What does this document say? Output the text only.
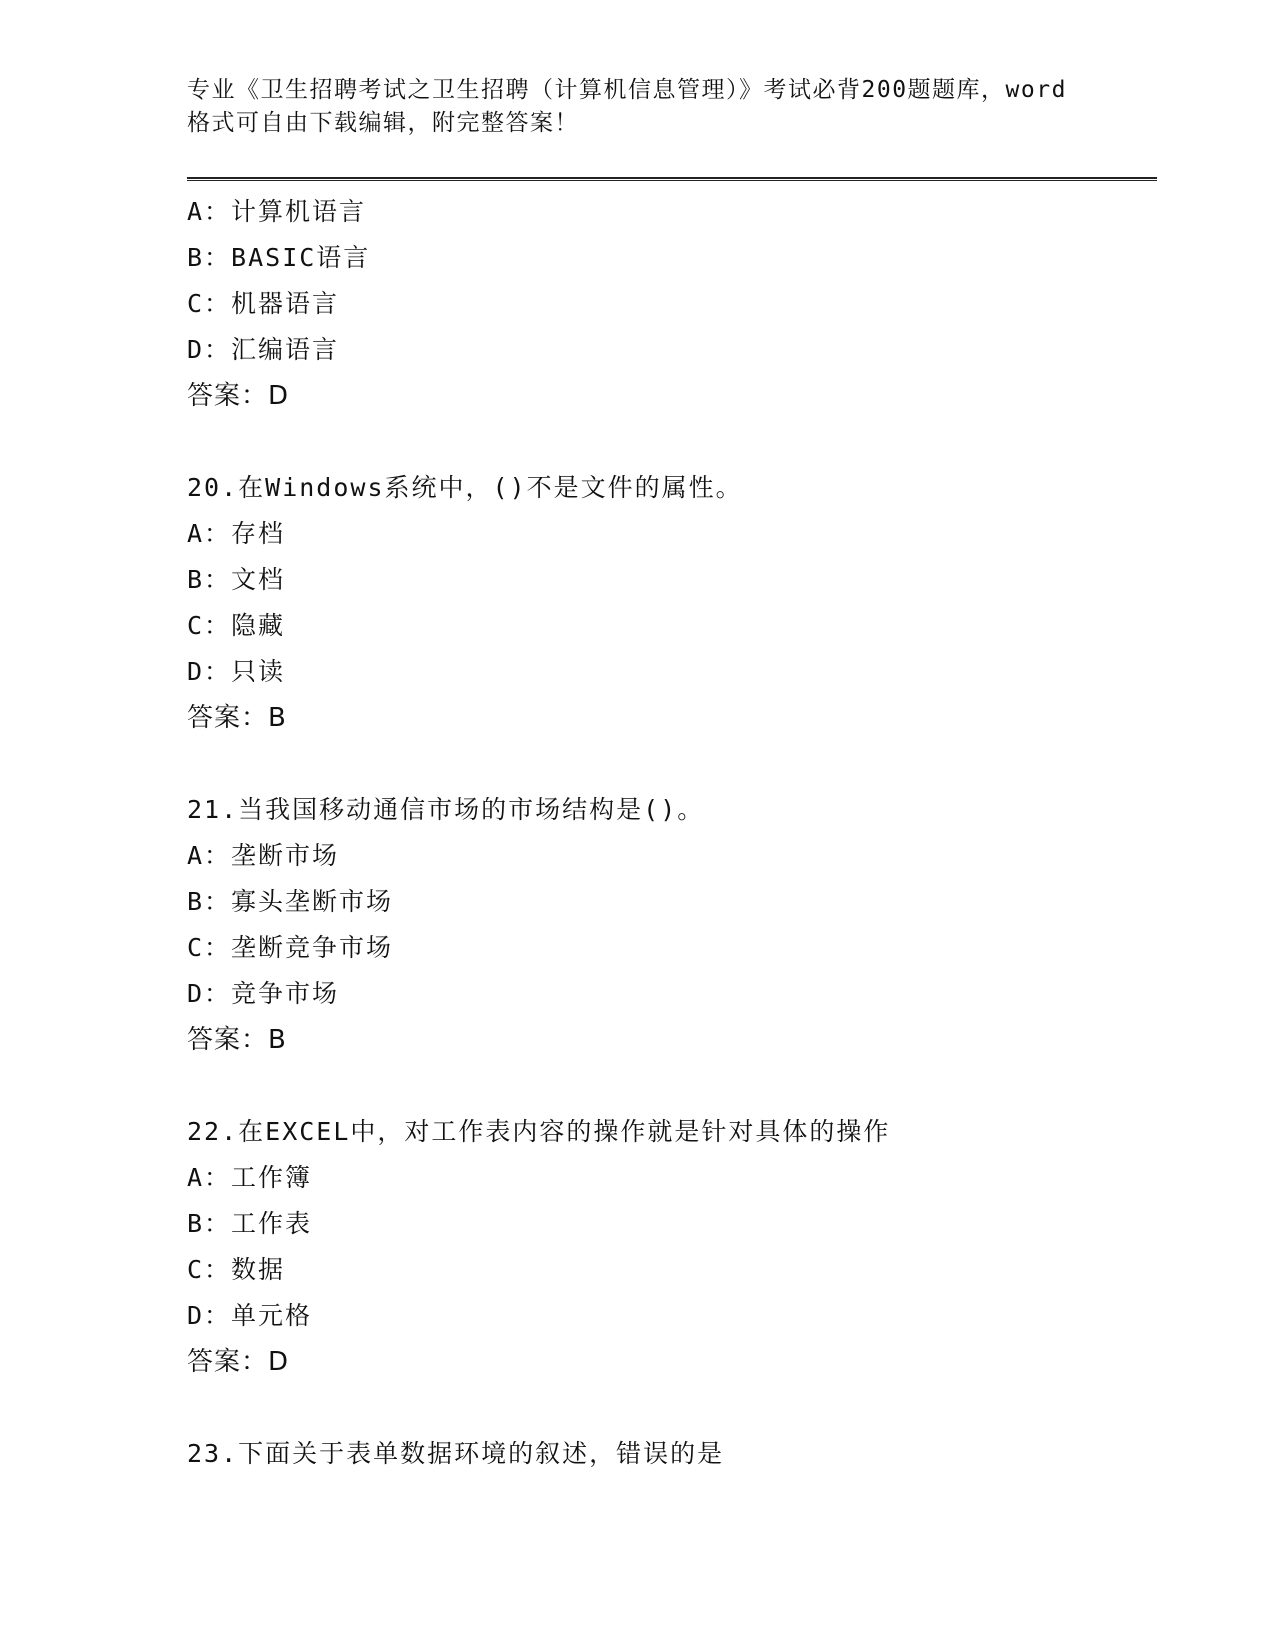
专业《卫生招聘考试之卫生招聘（计算机信息管理）》考试必背200题题库，word
格式可自由下载编辑，附完整答案！
A：计算机语言
B：BASIC语言
C：机器语言
D：汇编语言
答案：D
20.在Windows系统中，()不是文件的属性。
A：存档
B：文档
C：隐藏
D：只读
答案：B
21.当我国移动通信市场的市场结构是()。
A：垄断市场
B：寡头垄断市场
C：垄断竞争市场
D：竞争市场
答案：B
22.在EXCEL中，对工作表内容的操作就是针对具体的操作
A：工作簿
B：工作表
C：数据
D：单元格
答案：D
23.下面关于表单数据环境的叙述，错误的是
